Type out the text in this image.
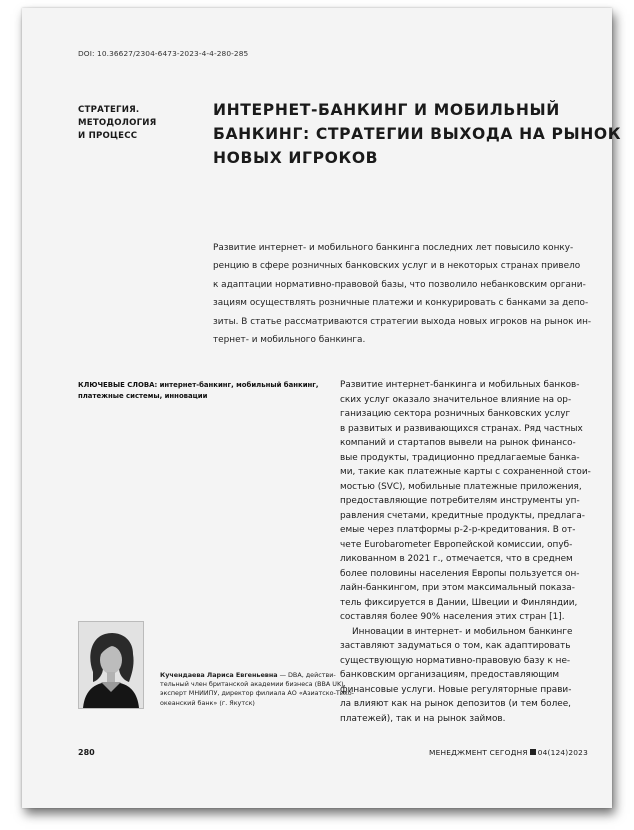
DOI: 10.36627/2304-6473-2023-4-4-280-285
СТРАТЕГИЯ.
МЕТОДОЛОГИЯ
И ПРОЦЕСС
ИНТЕРНЕТ-БАНКИНГ И МОБИЛЬНЫЙ
БАНКИНГ: СТРАТЕГИИ ВЫХОДА НА РЫНОК
НОВЫХ ИГРОКОВ
Развитие интернет- и мобильного банкинга последних лет повысило конку-
ренцию в сфере розничных банковских услуг и в некоторых странах привело
к адаптации нормативно-правовой базы, что позволило небанковским органи-
зациям осуществлять розничные платежи и конкурировать с банками за депо-
зиты. В статье рассматриваются стратегии выхода новых игроков на рынок ин-
тернет- и мобильного банкинга.
КЛЮЧЕВЫЕ СЛОВА: интернет-банкинг, мобильный банкинг,
платежные системы, инновации
Развитие интернет-банкинга и мобильных банков-
ских услуг оказало значительное влияние на ор-
ганизацию сектора розничных банковских услуг
в развитых и развивающихся странах. Ряд частных
компаний и стартапов вывели на рынок финансо-
вые продукты, традиционно предлагаемые банка-
ми, такие как платежные карты с сохраненной стои-
мостью (SVC), мобильные платежные приложения,
предоставляющие потребителям инструменты уп-
равления счетами, кредитные продукты, предлага-
емые через платформы p-2-p-кредитования. В от-
чете Eurobarometer Европейской комиссии, опуб-
ликованном в 2021 г., отмечается, что в среднем
более половины населения Европы пользуется он-
лайн-банкингом, при этом максимальный показа-
тель фиксируется в Дании, Швеции и Финляндии,
составляя более 90% населения этих стран [1].
Инновации в интернет- и мобильном банкинге
заставляют задуматься о том, как адаптировать
существующую нормативно-правовую базу к не-
банковским организациям, предоставляющим
финансовые услуги. Новые регуляторные прави-
ла влияют как на рынок депозитов (и тем более,
платежей), так и на рынок займов.
Кучендаева Лариса Евгеньевна — DBA, действи-
тельный член британской академии бизнеса (BBA UK),
эксперт МНИИПУ, директор филиала АО «Азиатско-Тихо-
океанский банк» (г. Якутск)
280	МЕНЕДЖМЕНТ СЕГОДНЯ 04(124)2023
